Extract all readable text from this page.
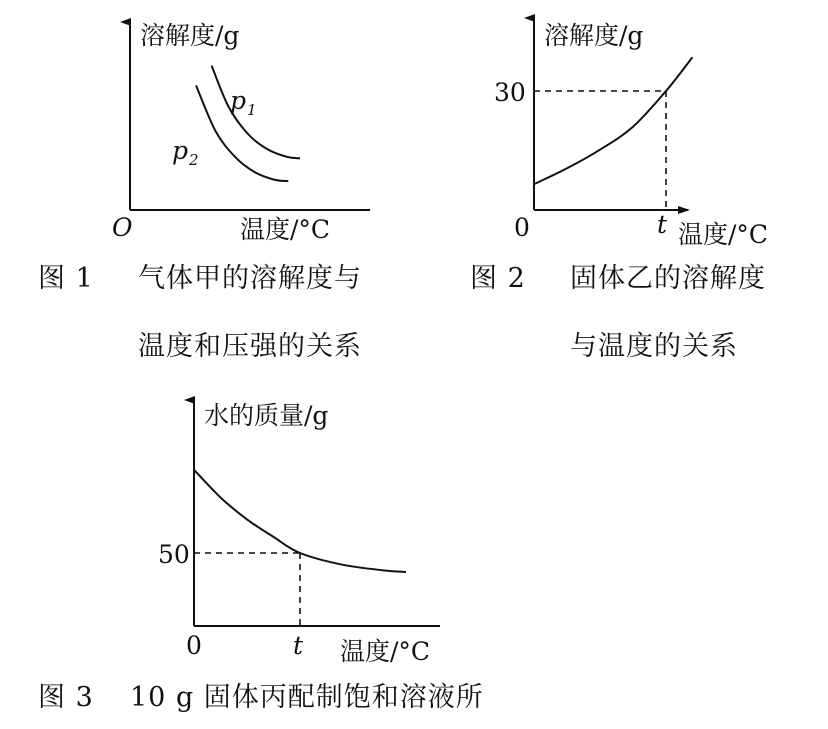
溶解度/g
温度/°C
O
$p_1$
$p_2$
图 1 气体甲的溶解度与
温度和压强的关系
溶解度/g
温度/°C
0
30
t
图 2 固体乙的溶解度
与温度的关系
水的质量/g
温度/°C
0
50
t
图 3 10 g 固体丙配制饱和溶液所
